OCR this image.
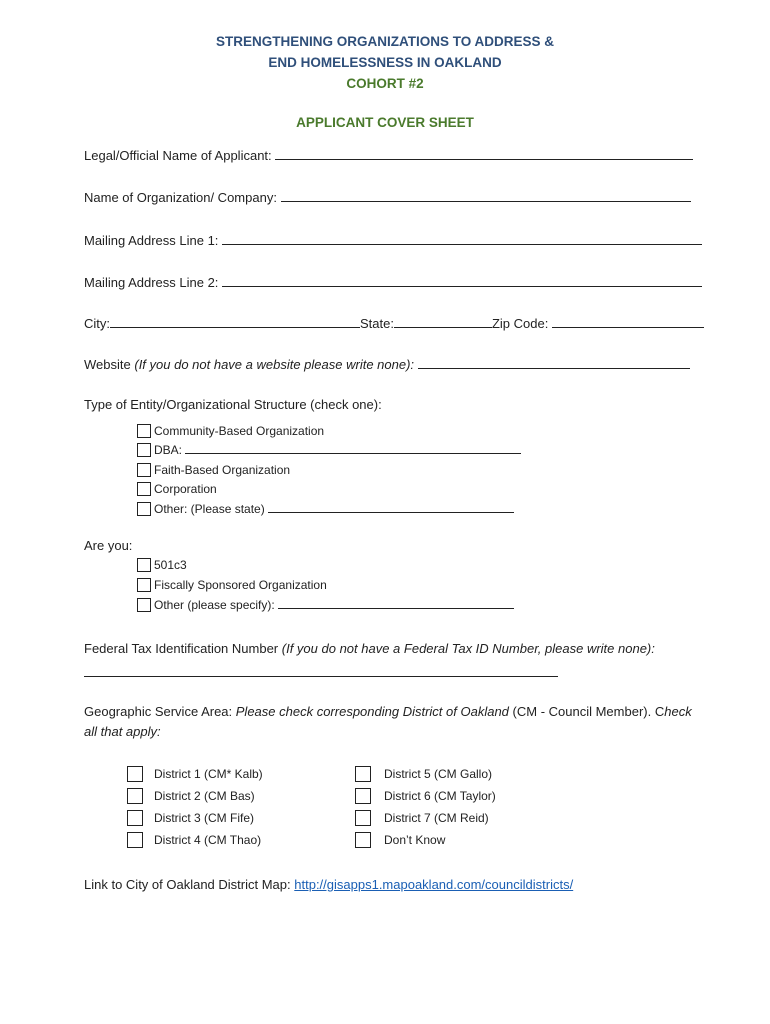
STRENGTHENING ORGANIZATIONS TO ADDRESS &
END HOMELESSNESS IN OAKLAND
COHORT #2
APPLICANT COVER SHEET
Legal/Official Name of Applicant:
Name of Organization/ Company:
Mailing Address Line 1:
Mailing Address Line 2:
City:	State:	Zip Code:
Website (If you do not have a website please write none):
Type of Entity/Organizational Structure (check one):
Community-Based Organization
DBA:
Faith-Based Organization
Corporation
Other: (Please state)
Are you:
501c3
Fiscally Sponsored Organization
Other (please specify):
Federal Tax Identification Number (If you do not have a Federal Tax ID Number, please write none):
Geographic Service Area: Please check corresponding District of Oakland (CM - Council Member). Check
all that apply:
District 1 (CM* Kalb)
District 2 (CM Bas)
District 3 (CM Fife)
District 4 (CM Thao)
District 5 (CM Gallo)
District 6 (CM Taylor)
District 7 (CM Reid)
Don’t Know
Link to City of Oakland District Map: http://gisapps1.mapoakland.com/councildistricts/
